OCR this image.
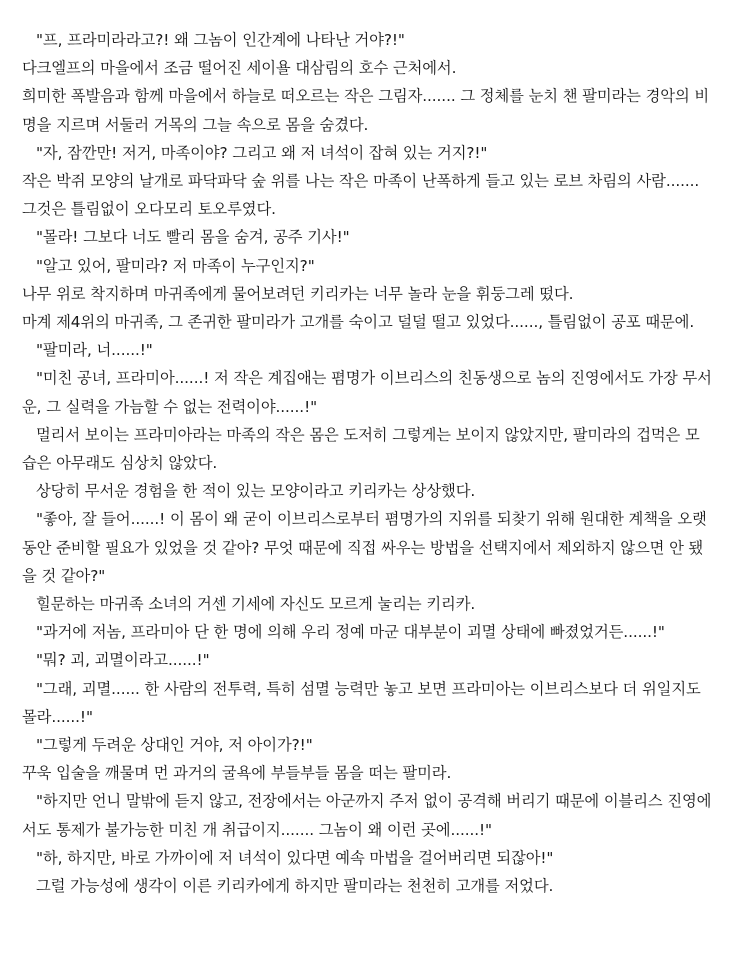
"프, 프라미라라고?! 왜 그놈이 인간계에 나타난 거야?!"

다크엘프의 마을에서 조금 떨어진 세이욜 대삼림의 호수 근처에서.

희미한 폭발음과 함께 마을에서 하늘로 떠오르는 작은 그림자....... 그 정체를 눈치 챈 팔미라는 경악의 비명을 지르며 서둘러 거목의 그늘 속으로 몸을 숨겼다.

"자, 잠깐만! 저거, 마족이야? 그리고 왜 저 녀석이 잡혀 있는 거지?!"

작은 박쥐 모양의 날개로 파닥파닥 숲 위를 나는 작은 마족이 난폭하게 들고 있는 로브 차림의 사람....... 그것은 틀림없이 오다모리 토오루였다.

"몰라! 그보다 너도 빨리 몸을 숨겨, 공주 기사!"

"알고 있어, 팔미라? 저 마족이 누구인지?"

나무 위로 착지하며 마귀족에게 물어보려던 키리카는 너무 놀라 눈을 휘둥그레 떴다.

마계 제4위의 마귀족, 그 존귀한 팔미라가 고개를 숙이고 덜덜 떨고 있었다......, 틀림없이 공포 때문에.

"팔미라, 너......!"

"미친 공녀, 프라미아......! 저 작은 계집애는 폄명가 이브리스의 친동생으로 놈의 진영에서도 가장 무서운, 그 실력을 가늠할 수 없는 전력이야......!"

멀리서 보이는 프라미아라는 마족의 작은 몸은 도저히 그렇게는 보이지 않았지만, 팔미라의 겁먹은 모습은 아무래도 심상치 않았다.

상당히 무서운 경험을 한 적이 있는 모양이라고 키리카는 상상했다.

"좋아, 잘 들어......! 이 몸이 왜 굳이 이브리스로부터 폄명가의 지위를 되찾기 위해 원대한 계책을 오랫동안 준비할 필요가 있었을 것 같아? 무엇 때문에 직접 싸우는 방법을 선택지에서 제외하지 않으면 안 됐을 것 같아?"

힐문하는 마귀족 소녀의 거센 기세에 자신도 모르게 눌리는 키리카.

"과거에 저놈, 프라미아 단 한 명에 의해 우리 정예 마군 대부분이 괴멸 상태에 빠졌었거든......!"

"뭐? 괴, 괴멸이라고......!"

"그래, 괴멸...... 한 사람의 전투력, 특히 섬멸 능력만 놓고 보면 프라미아는 이브리스보다 더 위일지도 몰라......!"

"그렇게 두려운 상대인 거야, 저 아이가?!"

꾸욱 입술을 깨물며 먼 과거의 굴욕에 부들부들 몸을 떠는 팔미라.

"하지만 언니 말밖에 듣지 않고, 전장에서는 아군까지 주저 없이 공격해 버리기 때문에 이블리스 진영에서도 통제가 불가능한 미친 개 취급이지....... 그놈이 왜 이런 곳에......!"

"하, 하지만, 바로 가까이에 저 녀석이 있다면 예속 마법을 걸어버리면 되잖아!"

그럴 가능성에 생각이 이른 키리카에게 하지만 팔미라는 천천히 고개를 저었다.
